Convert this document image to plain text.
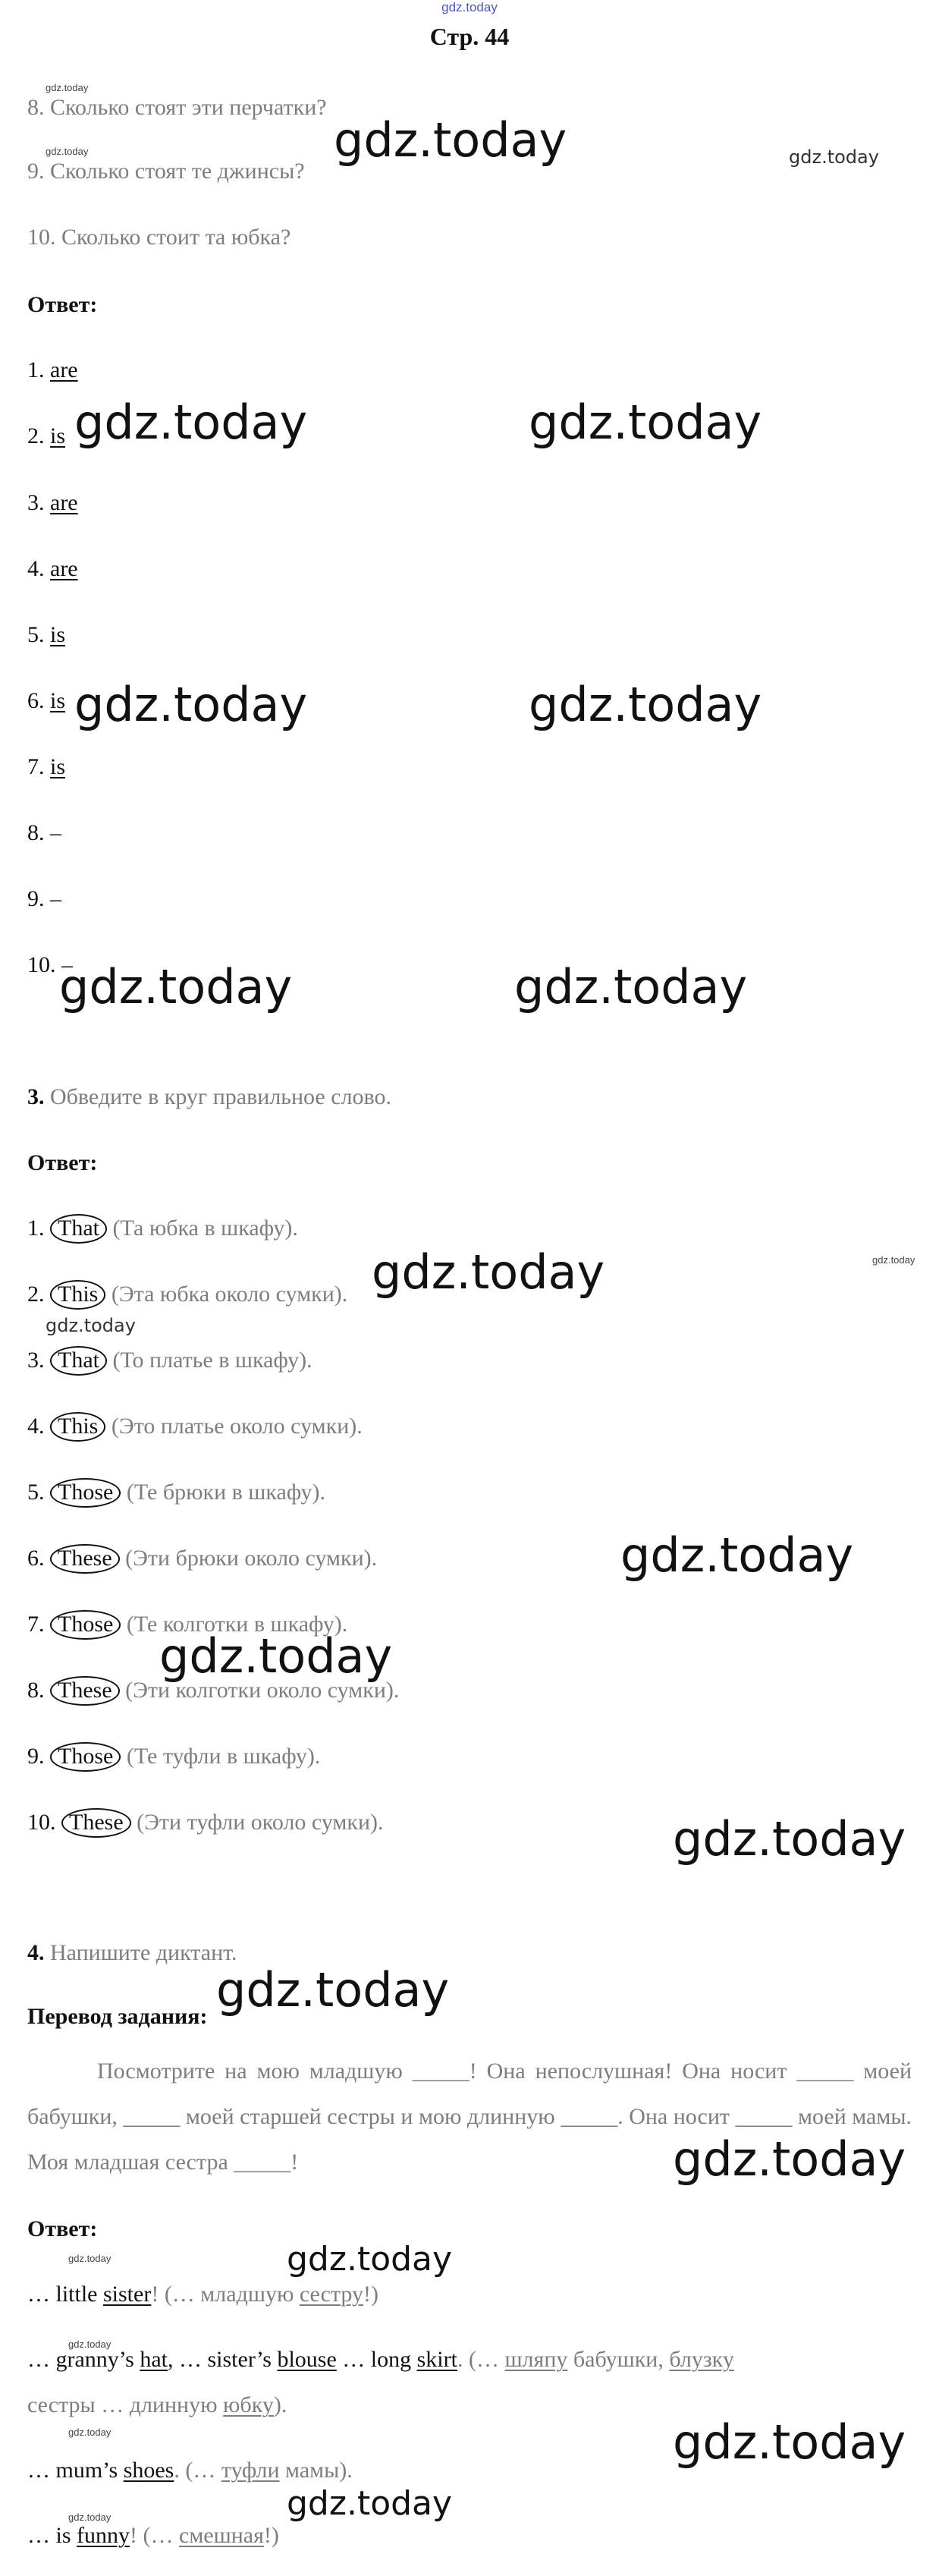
gdz.today
Стр. 44
8. Сколько стоят эти перчатки?
9. Сколько стоят те джинсы?
10. Сколько стоит та юбка?
Ответ:
1. are
2. is
3. are
4. are
5. is
6. is
7. is
8. –
9. –
10. –
3. Обведите в круг правильное слово.
Ответ:
1. That (Та юбка в шкафу).
2. This (Эта юбка около сумки).
3. That (То платье в шкафу).
4. This (Это платье около сумки).
5. Those (Те брюки в шкафу).
6. These (Эти брюки около сумки).
7. Those (Те колготки в шкафу).
8. These (Эти колготки около сумки).
9. Those (Те туфли в шкафу).
10. These (Эти туфли около сумки).
4. Напишите диктант.
Перевод задания:
Посмотрите на мою младшую _____! Она непослушная! Она носит _____ моей бабушки, _____ моей старшей сестры и мою длинную _____. Она носит _____ моей мамы. Моя младшая сестра _____!
Ответ:
… little sister! (… младшую сестру!)
… granny’s hat, … sister’s blouse … long skirt. (… шляпу бабушки, блузку
сестры … длинную юбку).
… mum’s shoes. (… туфли мамы).
… is funny! (… смешная!)
gdz.today
gdz.today	gdz.today	gdz.today
gdz.today	gdz.today
gdz.today	gdz.today
gdz.today	gdz.today
gdz.today	gdz.today
gdz.today
gdz.today
gdz.today
gdz.today
gdz.today
gdz.today
gdz.today	gdz.today
gdz.today
gdz.today
gdz.today
gdz.today	gdz.today
